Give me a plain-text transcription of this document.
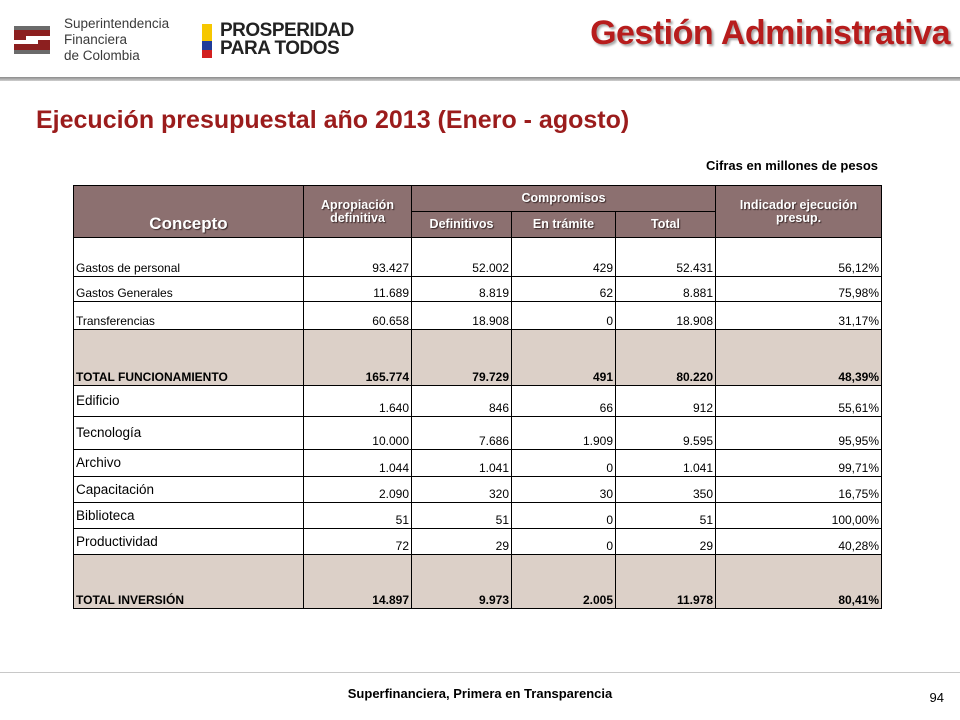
Superintendencia
Financiera
de Colombia
PROSPERIDAD
PARA TODOS	Gestión Administrativa
Ejecución presupuestal año 2013 (Enero - agosto)
Cifras en millones de pesos
Concepto	Apropiación definitiva	Compromisos			Indicador ejecución presup.
		Definitivos	En trámite	Total	
Gastos de personal	93.427	52.002	429	52.431	56,12%
Gastos Generales	11.689	8.819	62	8.881	75,98%
Transferencias	60.658	18.908	0	18.908	31,17%
TOTAL FUNCIONAMIENTO	165.774	79.729	491	80.220	48,39%
Edificio	1.640	846	66	912	55,61%
Tecnología	10.000	7.686	1.909	9.595	95,95%
Archivo	1.044	1.041	0	1.041	99,71%
Capacitación	2.090	320	30	350	16,75%
Biblioteca	51	51	0	51	100,00%
Productividad	72	29	0	29	40,28%
TOTAL INVERSIÓN	14.897	9.973	2.005	11.978	80,41%
Superfinanciera, Primera en Transparencia	94
